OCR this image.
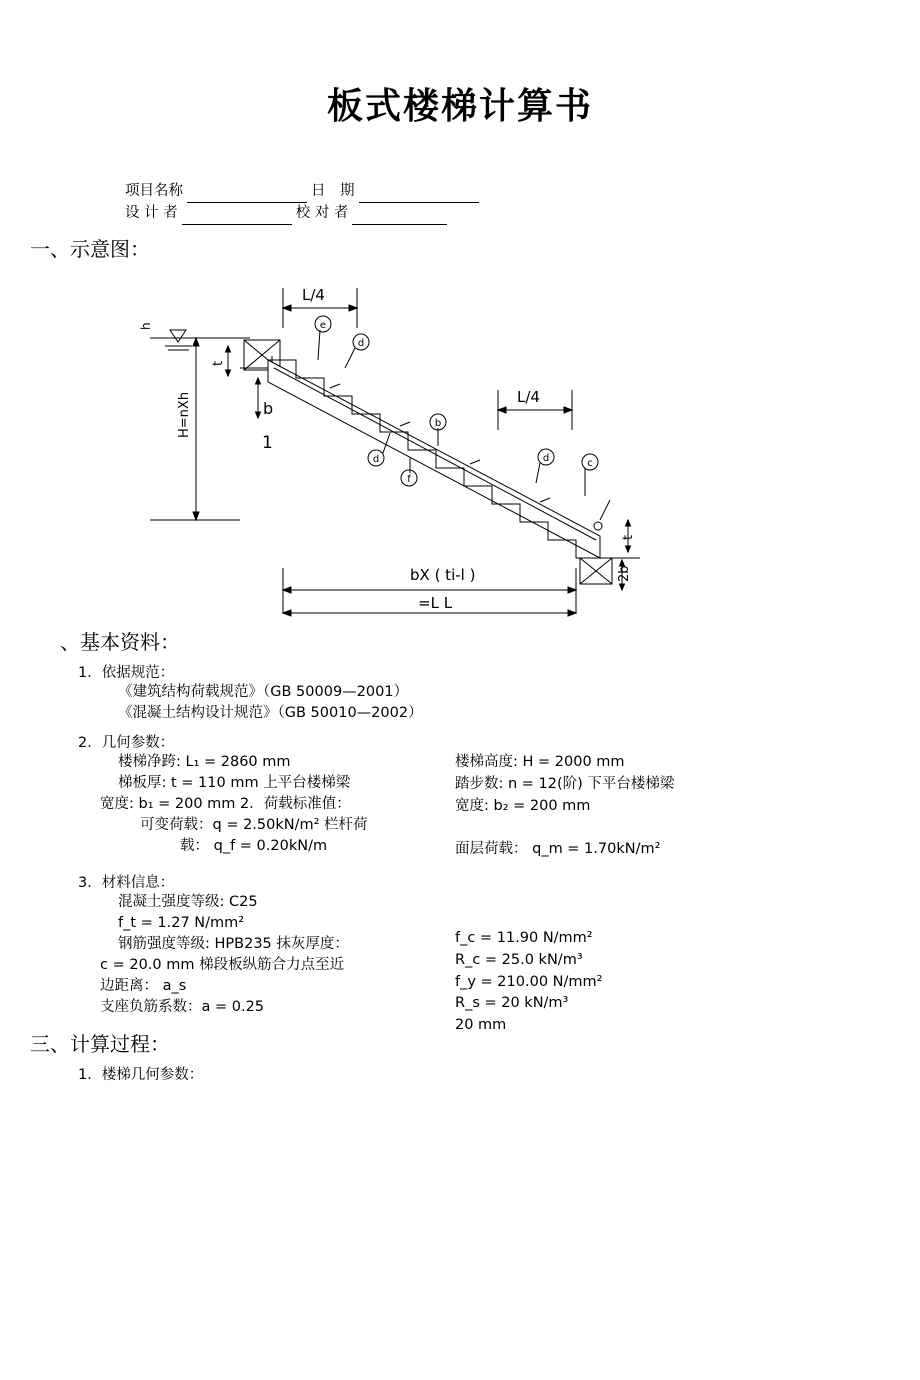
板式楼梯计算书
项目名称	日　期
设 计 者	校 对 者
一、示意图：
L/4
L/4
bX ( ti-l )
=L L
b
1
H=nXh
t
t
2b
h	e
d
d
f
b
d	c
、基本资料：
1．依据规范：
《建筑结构荷载规范》（GB 50009—2001）
《混凝土结构设计规范》（GB 50010—2002）
2．几何参数：
楼梯净跨: L₁ = 2860 mm
梯板厚: t = 110 mm 上平台楼梯梁
宽度: b₁ = 200 mm 2．荷载标准值：
可变荷载：q = 2.50kN/m² 栏杆荷
载： q_f = 0.20kN/m
楼梯高度: H = 2000 mm
踏步数: n = 12(阶) 下平台楼梯梁
宽度: b₂ = 200 mm
面层荷载： q_m = 1.70kN/m²
3．材料信息：
混凝土强度等级: C25
f_t = 1.27 N/mm²
钢筋强度等级: HPB235 抹灰厚度：
c = 20.0 mm 梯段板纵筋合力点至近
边距离： a_s
支座负筋系数：a = 0.25
f_c = 11.90 N/mm²
R_c = 25.0 kN/m³
f_y = 210.00 N/mm²
R_s = 20 kN/m³
20 mm
三、计算过程：
1．楼梯几何参数：
